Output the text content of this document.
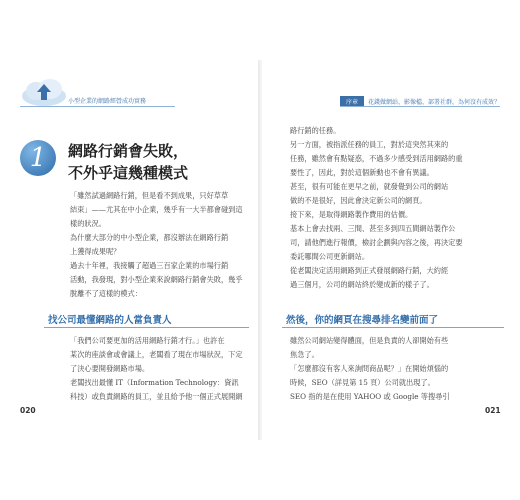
小型企業的網路經營成功實務
1	網路行銷會失敗，
不外乎這幾種模式

「雖然試過網路行銷，但是看不到成果，只好草草

結束」——尤其在中小企業，幾乎有一大半都會碰到這

樣的狀況。

為什麼大部分的中小型企業，都沒辦法在網路行銷

上獲得成果呢？

過去十年裡，我接觸了超過三百家企業的市場行銷

活動，我發現，對小型企業來說網路行銷會失敗，幾乎

脫離不了這樣的模式：

找公司最懂網路的人當負責人

「我們公司要更加的活用網路行銷才行。」也許在

某次的座談會或會議上，老闆看了現在市場狀況，下定

了決心要開發網路市場。

老闆找出最懂 IT（Information Technology：資訊

科技）或負責網路的員工，並且給予他一個正式展開網

020
序章	花錢做網站、影像檔、部署社群，為何沒有成效？

路行銷的任務。

另一方面，被指派任務的員工，對於這突然其來的

任務，雖然會有點疑惑，不過多少感受到活用網路的重

要性了，因此，對於這個新動也不會有異議。

甚至，很有可能在更早之前，就發覺到公司的網站

做的不是很好，因此會決定新公司的網頁。

接下來，是取得網路製作費用的估價。

基本上會去找兩、三間、甚至多到四五間網站製作公

司，請他們進行報價，檢討企劃與內容之後，再決定要

委託哪間公司更新網站。

從老闆決定活用網路到正式發展網路行銷，大約經

過三個月，公司的網站終於變成新的樣子了。

然後，你的網頁在搜尋排名變前面了

雖然公司網站變得體面，但是負責的人卻開始有些

焦急了。

「怎麼都沒有客人來詢問商品呢？」在開始煩惱的

時候，SEO（詳見第 15 頁）公司就出現了。

SEO 指的是在使用 YAHOO 或 Google 等搜尋引

021
